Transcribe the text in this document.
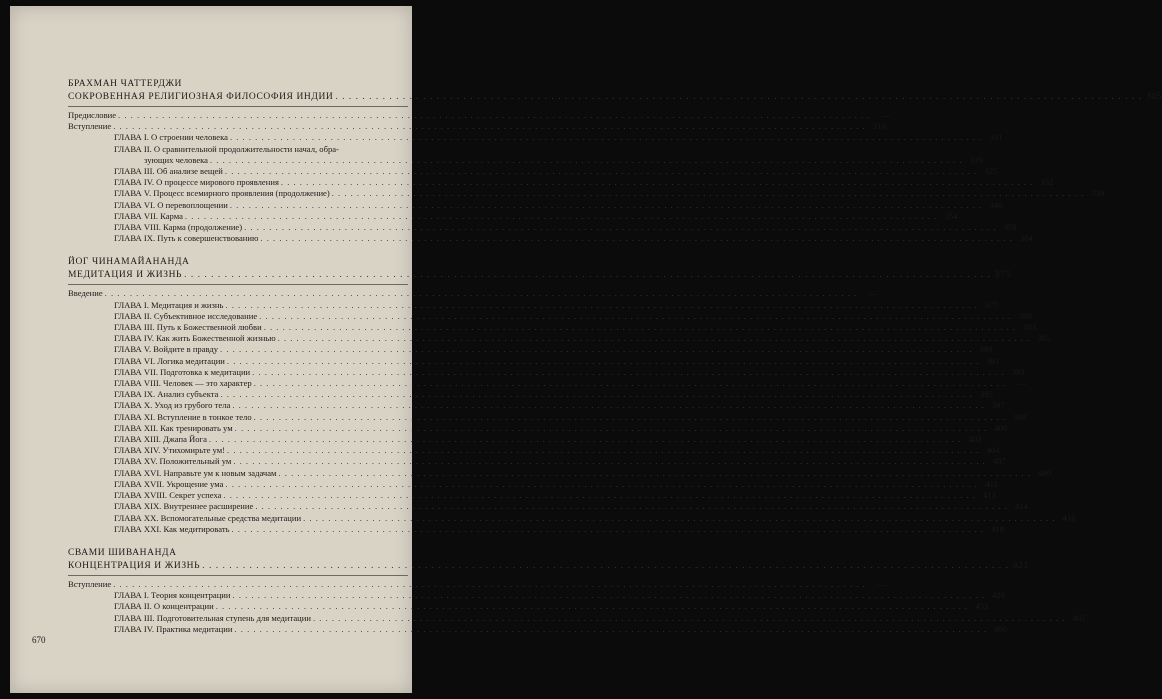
БРАХМАН ЧАТТЕРДЖИ
СОКРОВЕННАЯ РЕЛИГИОЗНАЯ ФИЛОСОФИЯ ИНДИИ . . . . . . . . . . . . . . . . . . . . . . . . . . . . . . . . . . . . . . . . . . . . . . . . . . . . . . . . . . . . . . . . . . . . . . . . . . . . . . . . . . . . . . . . . . . . . . . . . . . . . . . . . . . . . . . . . . . . . . . . 305
Предисловие . . . . . . . . . . . . . . . . . . . . . . . . . . . . . . . . . . . . . . . . . . . . . . . . . . . . . . . . . . . . . . . . . . . . . . . . . . . . . . . . . . . . . . . . . . . . . . . . . . . . . . . . . . . . . . . . . . . . . . . .	—
Вступление . . . . . . . . . . . . . . . . . . . . . . . . . . . . . . . . . . . . . . . . . . . . . . . . . . . . . . . . . . . . . . . . . . . . . . . . . . . . . . . . . . . . . . . . . . . . . . . . . . . . . . . . . . . . . . . . . . . . . . . . 310
ГЛАВА I. О строении человека . . . . . . . . . . . . . . . . . . . . . . . . . . . . . . . . . . . . . . . . . . . . . . . . . . . . . . . . . . . . . . . . . . . . . . . . . . . . . . . . . . . . . . . . . . . . . . . . . . . . . . . . . . . . . . . . . . . . . . . . 311
ГЛАВА II. О сравнительной продолжительности начал, обра-
зующих человека . . . . . . . . . . . . . . . . . . . . . . . . . . . . . . . . . . . . . . . . . . . . . . . . . . . . . . . . . . . . . . . . . . . . . . . . . . . . . . . . . . . . . . . . . . . . . . . . . . . . . . . . . . . . . . . . . . . . . . . . 319
ГЛАВА III. Об анализе вещей . . . . . . . . . . . . . . . . . . . . . . . . . . . . . . . . . . . . . . . . . . . . . . . . . . . . . . . . . . . . . . . . . . . . . . . . . . . . . . . . . . . . . . . . . . . . . . . . . . . . . . . . . . . . . . . . . . . . . . . . 325
ГЛАВА IV. О процессе мирового проявления . . . . . . . . . . . . . . . . . . . . . . . . . . . . . . . . . . . . . . . . . . . . . . . . . . . . . . . . . . . . . . . . . . . . . . . . . . . . . . . . . . . . . . . . . . . . . . . . . . . . . . . . . . . . . . . . . . . . . . . . 332
ГЛАВА V. Процесс всемирного проявления (продолжение) . . . . . . . . . . . . . . . . . . . . . . . . . . . . . . . . . . . . . . . . . . . . . . . . . . . . . . . . . . . . . . . . . . . . . . . . . . . . . . . . . . . . . . . . . . . . . . . . . . . . . . . . . . . . . . . . . . . . . . . . 339
ГЛАВА VI. О перевоплощении . . . . . . . . . . . . . . . . . . . . . . . . . . . . . . . . . . . . . . . . . . . . . . . . . . . . . . . . . . . . . . . . . . . . . . . . . . . . . . . . . . . . . . . . . . . . . . . . . . . . . . . . . . . . . . . . . . . . . . . . 346
ГЛАВА VII. Карма . . . . . . . . . . . . . . . . . . . . . . . . . . . . . . . . . . . . . . . . . . . . . . . . . . . . . . . . . . . . . . . . . . . . . . . . . . . . . . . . . . . . . . . . . . . . . . . . . . . . . . . . . . . . . . . . . . . . . . . . 354
ГЛАВА VIII. Карма (продолжение) . . . . . . . . . . . . . . . . . . . . . . . . . . . . . . . . . . . . . . . . . . . . . . . . . . . . . . . . . . . . . . . . . . . . . . . . . . . . . . . . . . . . . . . . . . . . . . . . . . . . . . . . . . . . . . . . . . . . . . . . 358
ГЛАВА IX. Путь к совершенствованию . . . . . . . . . . . . . . . . . . . . . . . . . . . . . . . . . . . . . . . . . . . . . . . . . . . . . . . . . . . . . . . . . . . . . . . . . . . . . . . . . . . . . . . . . . . . . . . . . . . . . . . . . . . . . . . . . . . . . . . . 364
ЙОГ ЧИНАМАЙАНАНДА
МЕДИТАЦИЯ И ЖИЗНЬ . . . . . . . . . . . . . . . . . . . . . . . . . . . . . . . . . . . . . . . . . . . . . . . . . . . . . . . . . . . . . . . . . . . . . . . . . . . . . . . . . . . . . . . . . . . . . . . . . . . . . . . . . . . . . . . . . . . . . . . . 375
Введение . . . . . . . . . . . . . . . . . . . . . . . . . . . . . . . . . . . . . . . . . . . . . . . . . . . . . . . . . . . . . . . . . . . . . . . . . . . . . . . . . . . . . . . . . . . . . . . . . . . . . . . . . . . . . . . . . . . . . . . .	—
ГЛАВА I. Медитация и жизнь . . . . . . . . . . . . . . . . . . . . . . . . . . . . . . . . . . . . . . . . . . . . . . . . . . . . . . . . . . . . . . . . . . . . . . . . . . . . . . . . . . . . . . . . . . . . . . . . . . . . . . . . . . . . . . . . . . . . . . . . 377
ГЛАВА II. Субъективное исследование . . . . . . . . . . . . . . . . . . . . . . . . . . . . . . . . . . . . . . . . . . . . . . . . . . . . . . . . . . . . . . . . . . . . . . . . . . . . . . . . . . . . . . . . . . . . . . . . . . . . . . . . . . . . . . . . . . . . . . . . 380
ГЛАВА III. Путь к Божественной любви . . . . . . . . . . . . . . . . . . . . . . . . . . . . . . . . . . . . . . . . . . . . . . . . . . . . . . . . . . . . . . . . . . . . . . . . . . . . . . . . . . . . . . . . . . . . . . . . . . . . . . . . . . . . . . . . . . . . . . . . 383
ГЛАВА IV. Как жить Божественной жизнью . . . . . . . . . . . . . . . . . . . . . . . . . . . . . . . . . . . . . . . . . . . . . . . . . . . . . . . . . . . . . . . . . . . . . . . . . . . . . . . . . . . . . . . . . . . . . . . . . . . . . . . . . . . . . . . . . . . . . . . . 385
ГЛАВА V. Войдите в правду . . . . . . . . . . . . . . . . . . . . . . . . . . . . . . . . . . . . . . . . . . . . . . . . . . . . . . . . . . . . . . . . . . . . . . . . . . . . . . . . . . . . . . . . . . . . . . . . . . . . . . . . . . . . . . . . . . . . . . . . 389
ГЛАВА VI. Логика медитации . . . . . . . . . . . . . . . . . . . . . . . . . . . . . . . . . . . . . . . . . . . . . . . . . . . . . . . . . . . . . . . . . . . . . . . . . . . . . . . . . . . . . . . . . . . . . . . . . . . . . . . . . . . . . . . . . . . . . . . . 391
ГЛАВА VII. Подготовка к медитации . . . . . . . . . . . . . . . . . . . . . . . . . . . . . . . . . . . . . . . . . . . . . . . . . . . . . . . . . . . . . . . . . . . . . . . . . . . . . . . . . . . . . . . . . . . . . . . . . . . . . . . . . . . . . . . . . . . . . . . . 393
ГЛАВА VIII. Человек — это характер . . . . . . . . . . . . . . . . . . . . . . . . . . . . . . . . . . . . . . . . . . . . . . . . . . . . . . . . . . . . . . . . . . . . . . . . . . . . . . . . . . . . . . . . . . . . . . . . . . . . . . . . . . . . . . . . . . . . . . . .	—
ГЛАВА IX. Анализ субъекта . . . . . . . . . . . . . . . . . . . . . . . . . . . . . . . . . . . . . . . . . . . . . . . . . . . . . . . . . . . . . . . . . . . . . . . . . . . . . . . . . . . . . . . . . . . . . . . . . . . . . . . . . . . . . . . . . . . . . . . . 395
ГЛАВА X. Уход из грубого тела . . . . . . . . . . . . . . . . . . . . . . . . . . . . . . . . . . . . . . . . . . . . . . . . . . . . . . . . . . . . . . . . . . . . . . . . . . . . . . . . . . . . . . . . . . . . . . . . . . . . . . . . . . . . . . . . . . . . . . . . 397
ГЛАВА XI. Вступление в тонкое тело . . . . . . . . . . . . . . . . . . . . . . . . . . . . . . . . . . . . . . . . . . . . . . . . . . . . . . . . . . . . . . . . . . . . . . . . . . . . . . . . . . . . . . . . . . . . . . . . . . . . . . . . . . . . . . . . . . . . . . . . 398
ГЛАВА XII. Как тренировать ум . . . . . . . . . . . . . . . . . . . . . . . . . . . . . . . . . . . . . . . . . . . . . . . . . . . . . . . . . . . . . . . . . . . . . . . . . . . . . . . . . . . . . . . . . . . . . . . . . . . . . . . . . . . . . . . . . . . . . . . . 400
ГЛАВА XIII. Джапа Йога . . . . . . . . . . . . . . . . . . . . . . . . . . . . . . . . . . . . . . . . . . . . . . . . . . . . . . . . . . . . . . . . . . . . . . . . . . . . . . . . . . . . . . . . . . . . . . . . . . . . . . . . . . . . . . . . . . . . . . . . 402
ГЛАВА XIV. Утихомирьте ум! . . . . . . . . . . . . . . . . . . . . . . . . . . . . . . . . . . . . . . . . . . . . . . . . . . . . . . . . . . . . . . . . . . . . . . . . . . . . . . . . . . . . . . . . . . . . . . . . . . . . . . . . . . . . . . . . . . . . . . . . 404
ГЛАВА XV. Положительный ум . . . . . . . . . . . . . . . . . . . . . . . . . . . . . . . . . . . . . . . . . . . . . . . . . . . . . . . . . . . . . . . . . . . . . . . . . . . . . . . . . . . . . . . . . . . . . . . . . . . . . . . . . . . . . . . . . . . . . . . . 407
ГЛАВА XVI. Направьте ум к новым задачам . . . . . . . . . . . . . . . . . . . . . . . . . . . . . . . . . . . . . . . . . . . . . . . . . . . . . . . . . . . . . . . . . . . . . . . . . . . . . . . . . . . . . . . . . . . . . . . . . . . . . . . . . . . . . . . . . . . . . . . . 409
ГЛАВА XVII. Укрощение ума . . . . . . . . . . . . . . . . . . . . . . . . . . . . . . . . . . . . . . . . . . . . . . . . . . . . . . . . . . . . . . . . . . . . . . . . . . . . . . . . . . . . . . . . . . . . . . . . . . . . . . . . . . . . . . . . . . . . . . . . 411
ГЛАВА XVIII. Секрет успеха . . . . . . . . . . . . . . . . . . . . . . . . . . . . . . . . . . . . . . . . . . . . . . . . . . . . . . . . . . . . . . . . . . . . . . . . . . . . . . . . . . . . . . . . . . . . . . . . . . . . . . . . . . . . . . . . . . . . . . . . 413
ГЛАВА XIX. Внутреннее расширение . . . . . . . . . . . . . . . . . . . . . . . . . . . . . . . . . . . . . . . . . . . . . . . . . . . . . . . . . . . . . . . . . . . . . . . . . . . . . . . . . . . . . . . . . . . . . . . . . . . . . . . . . . . . . . . . . . . . . . . . 414
ГЛАВА XX. Вспомогательные средства медитации . . . . . . . . . . . . . . . . . . . . . . . . . . . . . . . . . . . . . . . . . . . . . . . . . . . . . . . . . . . . . . . . . . . . . . . . . . . . . . . . . . . . . . . . . . . . . . . . . . . . . . . . . . . . . . . . . . . . . . . . 416
ГЛАВА XXI. Как медитировать . . . . . . . . . . . . . . . . . . . . . . . . . . . . . . . . . . . . . . . . . . . . . . . . . . . . . . . . . . . . . . . . . . . . . . . . . . . . . . . . . . . . . . . . . . . . . . . . . . . . . . . . . . . . . . . . . . . . . . . . 419
СВАМИ ШИВАНАНДА
КОНЦЕНТРАЦИЯ И ЖИЗНЬ . . . . . . . . . . . . . . . . . . . . . . . . . . . . . . . . . . . . . . . . . . . . . . . . . . . . . . . . . . . . . . . . . . . . . . . . . . . . . . . . . . . . . . . . . . . . . . . . . . . . . . . . . . . . . . . . . . . . . . . . 421
Вступление . . . . . . . . . . . . . . . . . . . . . . . . . . . . . . . . . . . . . . . . . . . . . . . . . . . . . . . . . . . . . . . . . . . . . . . . . . . . . . . . . . . . . . . . . . . . . . . . . . . . . . . . . . . . . . . . . . . . . . . .	—
ГЛАВА I. Теория концентрации . . . . . . . . . . . . . . . . . . . . . . . . . . . . . . . . . . . . . . . . . . . . . . . . . . . . . . . . . . . . . . . . . . . . . . . . . . . . . . . . . . . . . . . . . . . . . . . . . . . . . . . . . . . . . . . . . . . . . . . . 426
ГЛАВА II. О концентрации . . . . . . . . . . . . . . . . . . . . . . . . . . . . . . . . . . . . . . . . . . . . . . . . . . . . . . . . . . . . . . . . . . . . . . . . . . . . . . . . . . . . . . . . . . . . . . . . . . . . . . . . . . . . . . . . . . . . . . . . 453
ГЛАВА III. Подготовительная ступень для медитации . . . . . . . . . . . . . . . . . . . . . . . . . . . . . . . . . . . . . . . . . . . . . . . . . . . . . . . . . . . . . . . . . . . . . . . . . . . . . . . . . . . . . . . . . . . . . . . . . . . . . . . . . . . . . . . . . . . . . . . . 465
ГЛАВА IV. Практика медитации . . . . . . . . . . . . . . . . . . . . . . . . . . . . . . . . . . . . . . . . . . . . . . . . . . . . . . . . . . . . . . . . . . . . . . . . . . . . . . . . . . . . . . . . . . . . . . . . . . . . . . . . . . . . . . . . . . . . . . . . 490
670
